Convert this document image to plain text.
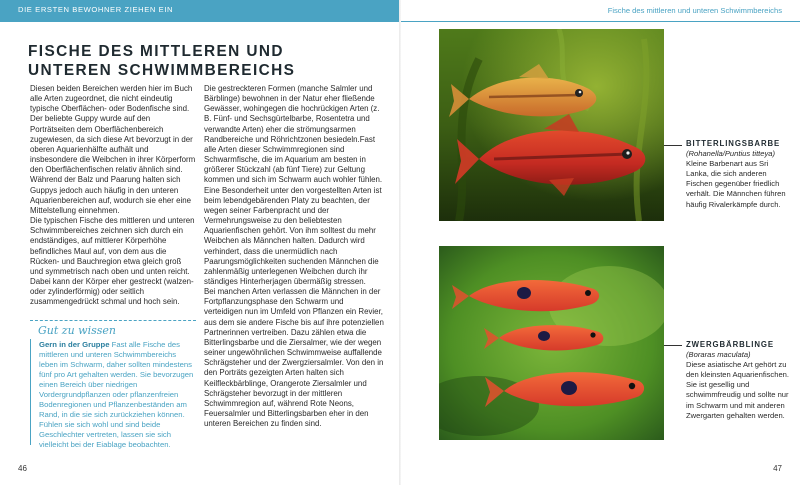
DIE ERSTEN BEWOHNER ZIEHEN EIN	Fische des mittleren und unteren Schwimmbereichs
FISCHE DES MITTLEREN UND UNTEREN SCHWIMMBEREICHS

Diesen beiden Bereichen werden hier im Buch alle Arten zugeordnet, die nicht eindeutig typische Oberflächen- oder Bodenfische sind. Der beliebte Guppy wurde auf den Porträtseiten dem Oberflächenbereich zugewiesen, da sich diese Art bevorzugt in der oberen Aquarienhälfte aufhält und insbesondere die Weibchen in ihrer Körperform den Oberflächenfischen relativ ähnlich sind. Während der Balz und Paarung halten sich Guppys jedoch auch häufig in den unteren Aquarienbereichen auf, wodurch sie eher eine Mittelstellung einnehmen.

Die typischen Fische des mittleren und unteren Schwimmbereiches zeichnen sich durch ein endständiges, auf mittlerer Körperhöhe befindliches Maul auf, von dem aus die Rücken- und Bauchregion etwa gleich groß und symmetrisch nach oben und unten reicht. Dabei kann der Körper eher gestreckt (walzen- oder zylinderförmig) oder seitlich zusammengedrückt schmal und hoch sein.

Die gestreckteren Formen (manche Salmler und Bärblinge) bewohnen in der Natur eher fließende Gewässer, wohingegen die hochrückigen Arten (z. B. Fünf- und Sechsgürtelbarbe, Rosentetra und verwandte Arten) eher die strömungsarmen Randbereiche und Röhrichtzonen besiedeln.Fast alle Arten dieser Schwimmregionen sind Schwarmfische, die im Aquarium am besten in größerer Stückzahl (ab fünf Tiere) zur Geltung kommen und sich im Schwarm auch wohler fühlen.

Eine Besonderheit unter den vorgestellten Arten ist beim lebendgebärenden Platy zu beachten, der wegen seiner Farbenpracht und der Vermehrungsweise zu den beliebtesten Aquarienfischen gehört. Von ihm solltest du mehr Weibchen als Männchen halten. Dadurch wird verhindert, dass die unermüdlich nach Paarungsmöglichkeiten suchenden Männchen die zahlenmäßig unterlegenen Weibchen durch ihr ständiges Hinterherjagen übermäßig stressen.

Bei manchen Arten verlassen die Männchen in der Fortpflanzungsphase den Schwarm und verteidigen nun im Umfeld von Pflanzen ein Revier, aus dem sie andere Fische bis auf ihre potenziellen Partnerinnen vertreiben. Dazu zählen etwa die Bitterlingsbarbe und die Ziersalmer, wie der wegen seiner ungewöhnlichen Schwimmweise auffallende Schrägsteher und der Zwergziersalmler. Von den in den Porträts gezeigten Arten halten sich Keilfleckbärblinge, Orangerote Ziersalmler und Schrägsteher bevorzugt in der mittleren Schwimmregion auf, während Rote Neons, Feuersalmler und Bitterlingsbarben eher in den unteren Bereichen zu finden sind.

Gut zu wissen
Gern in der Gruppe Fast alle Fische des mittleren und unteren Schwimmbereichs leben im Schwarm, daher sollten mindestens fünf pro Art gehalten werden. Sie bevorzugen einen Bereich über niedrigen Vordergrundpflanzen oder pflanzenfreien Bodenregionen und Pflanzenbeständen am Rand, in die sie sich zurückziehen können. Fühlen sie sich wohl und sind beide Geschlechter vertreten, lassen sie sich vielleicht bei der Eiablage beobachten.
46	47
BITTERLINGSBARBE
(Rohanella/Puntius titteya)
Kleine Barbenart aus Sri Lanka, die sich anderen Fischen gegenüber friedlich verhält. Die Männchen führen häufig Rivalerkämpfe durch.
ZWERGBÄRBLINGE
(Boraras maculata)
Diese asiatische Art gehört zu den kleinsten Aquarienfischen. Sie ist gesellig und schwimmfreudig und sollte nur im Schwarm und mit anderen Zwergarten gehalten werden.
